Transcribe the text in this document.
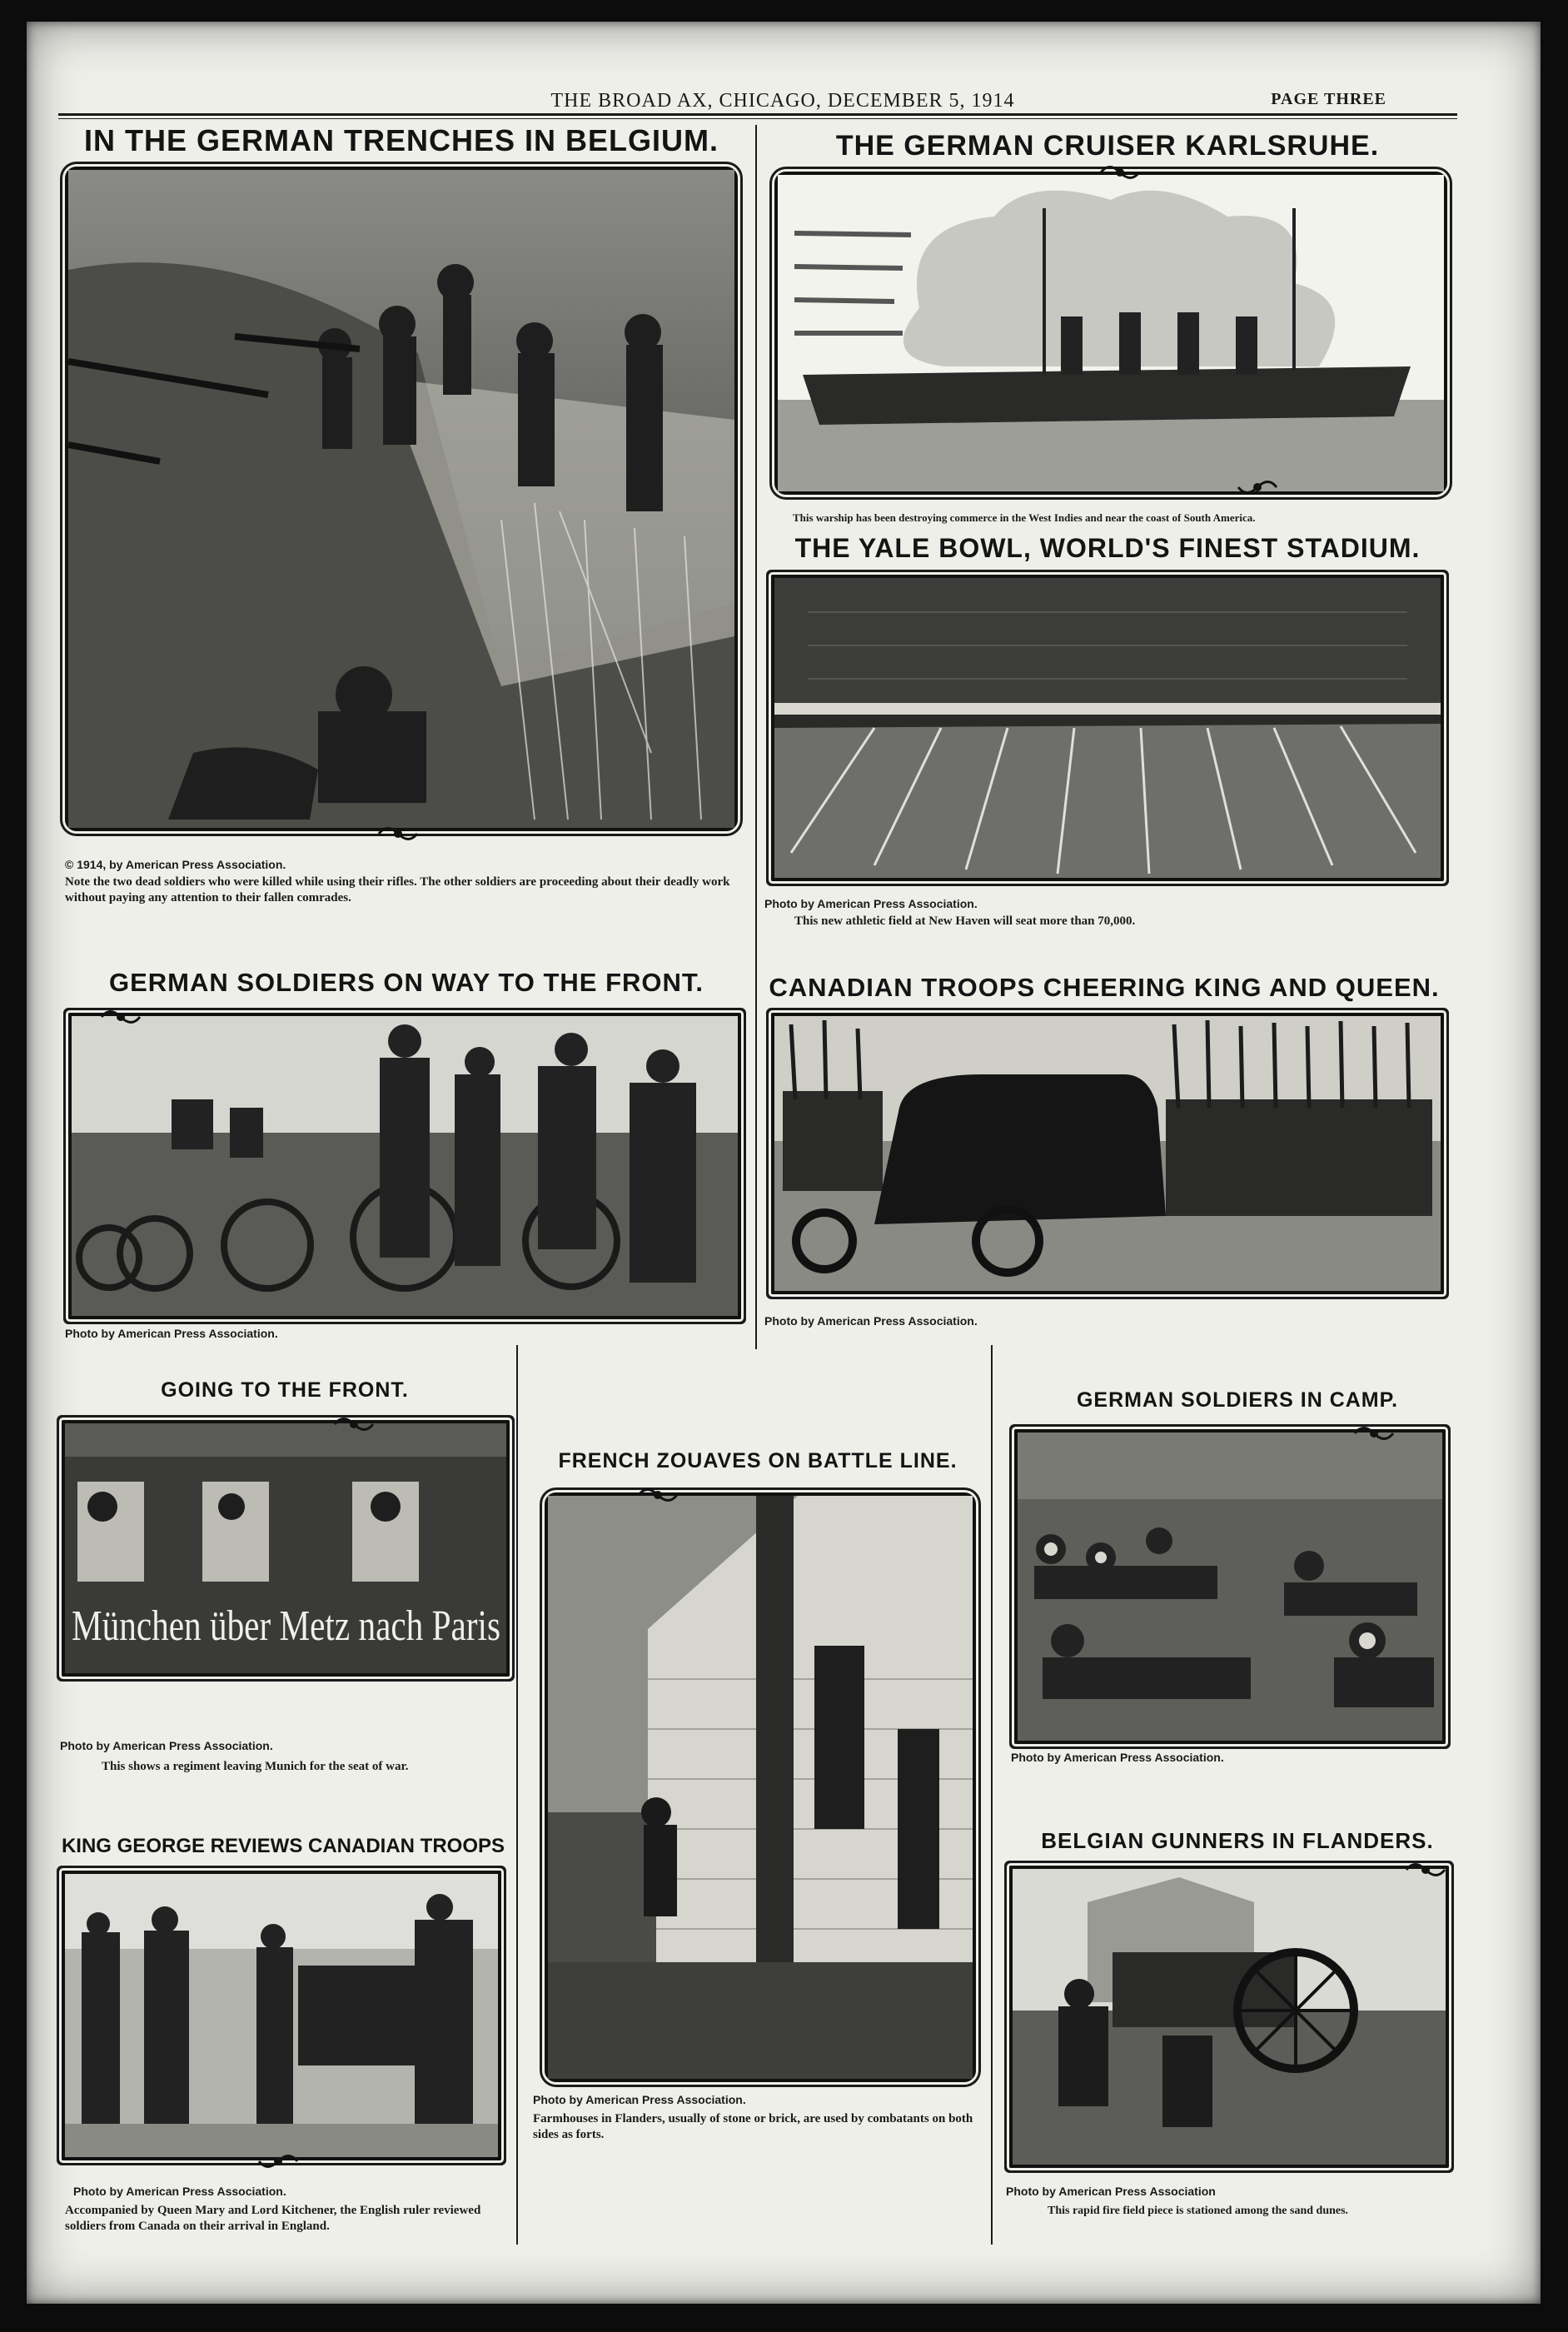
THE BROAD AX, CHICAGO, DECEMBER 5, 1914	PAGE THREE
IN THE GERMAN TRENCHES IN BELGIUM.
© 1914, by American Press Association.
Note the two dead soldiers who were killed while using their rifles. The other soldiers are proceeding about their deadly work without paying any attention to their fallen comrades.
THE GERMAN CRUISER KARLSRUHE.
This warship has been destroying commerce in the West Indies and near the coast of South America.
THE YALE BOWL, WORLD'S FINEST STADIUM.
Photo by American Press Association.
This new athletic field at New Haven will seat more than 70,000.
GERMAN SOLDIERS ON WAY TO THE FRONT.
Photo by American Press Association.
CANADIAN TROOPS CHEERING KING AND QUEEN.
Photo by American Press Association.
GOING TO THE FRONT.
München über Metz nach Paris
Photo by American Press Association.
This shows a regiment leaving Munich for the seat of war.
FRENCH ZOUAVES ON BATTLE LINE.
Photo by American Press Association.
Farmhouses in Flanders, usually of stone or brick, are used by combatants on both sides as forts.
GERMAN SOLDIERS IN CAMP.
Photo by American Press Association.
KING GEORGE REVIEWS CANADIAN TROOPS
Photo by American Press Association.
Accompanied by Queen Mary and Lord Kitchener, the English ruler reviewed soldiers from Canada on their arrival in England.
BELGIAN GUNNERS IN FLANDERS.
Photo by American Press Association
This rapid fire field piece is stationed among the sand dunes.
